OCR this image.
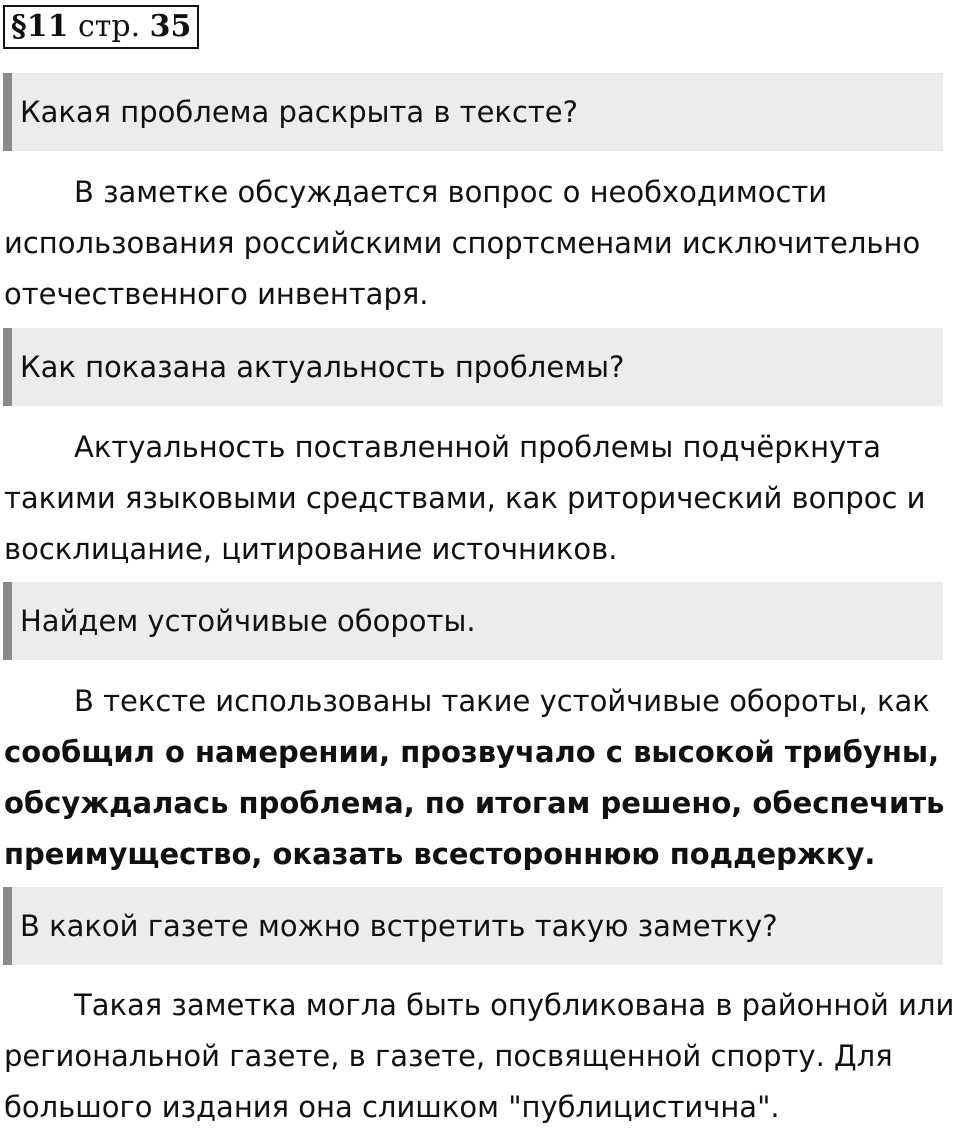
§11 стр. 35
Какая проблема раскрыта в тексте?

В заметке обсуждается вопрос о необходимости использования российскими спортсменами исключительно отечественного инвентаря.

Как показана актуальность проблемы?

Актуальность поставленной проблемы подчёркнута такими языковыми средствами, как риторический вопрос и восклицание, цитирование источников.

Найдем устойчивые обороты.

В тексте использованы такие устойчивые обороты, как сообщил о намерении, прозвучало с высокой трибуны, обсуждалась проблема, по итогам решено, обеспечить преимущество, оказать всестороннюю поддержку.

В какой газете можно встретить такую заметку?

Такая заметка могла быть опубликована в районной или региональной газете, в газете, посвященной спорту. Для большого издания она слишком "публицистична".
